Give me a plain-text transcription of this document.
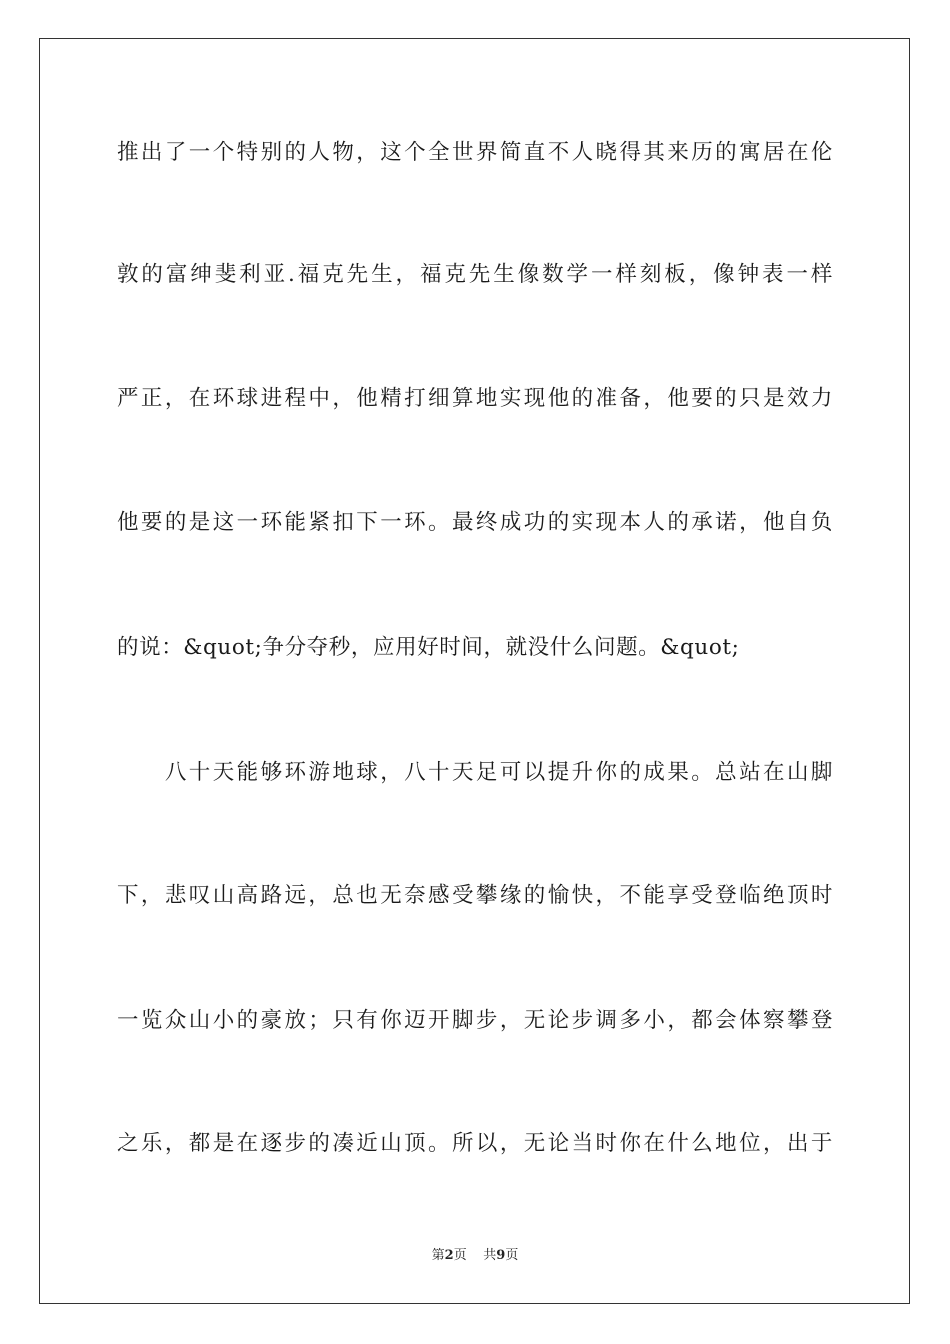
推出了一个特别的人物，这个全世界简直不人晓得其来历的寓居在伦
敦的富绅斐利亚.福克先生，福克先生像数学一样刻板，像钟表一样
严正，在环球进程中，他精打细算地实现他的准备，他要的只是效力
他要的是这一环能紧扣下一环。最终成功的实现本人的承诺，他自负
的说：&quot;争分夺秒，应用好时间，就没什么问题。&quot;
　　八十天能够环游地球，八十天足可以提升你的成果。总站在山脚
下，悲叹山高路远，总也无奈感受攀缘的愉快，不能享受登临绝顶时
一览众山小的豪放；只有你迈开脚步，无论步调多小，都会体察攀登
之乐，都是在逐步的凑近山顶。所以，无论当时你在什么地位，出于
第2页 共9页
